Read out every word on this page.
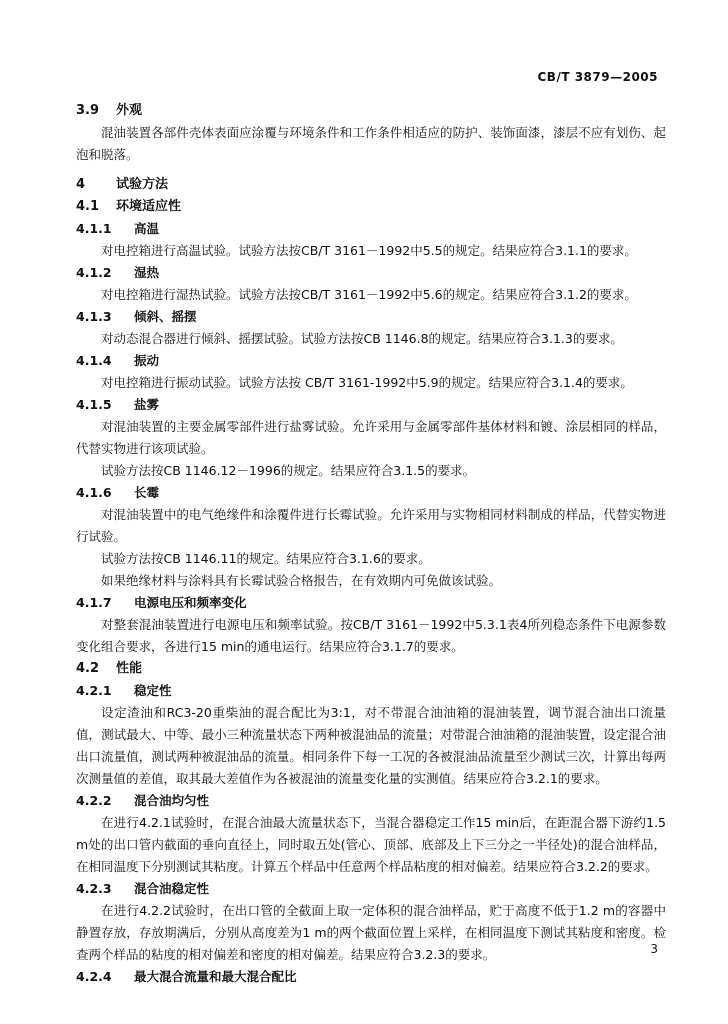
CB/T 3879—2005
3.9 外观

混油装置各部件壳体表面应涂覆与环境条件和工作条件相适应的防护、装饰面漆，漆层不应有划伤、起泡和脱落。

4 试验方法
4.1 环境适应性
4.1.1 高温

对电控箱进行高温试验。试验方法按CB/T 3161－1992中5.5的规定。结果应符合3.1.1的要求。

4.1.2 湿热

对电控箱进行湿热试验。试验方法按CB/T 3161－1992中5.6的规定。结果应符合3.1.2的要求。

4.1.3 倾斜、摇摆

对动态混合器进行倾斜、摇摆试验。试验方法按CB 1146.8的规定。结果应符合3.1.3的要求。

4.1.4 振动

对电控箱进行振动试验。试验方法按 CB/T 3161-1992中5.9的规定。结果应符合3.1.4的要求。

4.1.5 盐雾

对混油装置的主要金属零部件进行盐雾试验。允许采用与金属零部件基体材料和镀、涂层相同的样品，代替实物进行该项试验。

试验方法按CB 1146.12－1996的规定。结果应符合3.1.5的要求。

4.1.6 长霉

对混油装置中的电气绝缘件和涂覆件进行长霉试验。允许采用与实物相同材料制成的样品，代替实物进行试验。

试验方法按CB 1146.11的规定。结果应符合3.1.6的要求。

如果绝缘材料与涂料具有长霉试验合格报告，在有效期内可免做该试验。

4.1.7 电源电压和频率变化

对整套混油装置进行电源电压和频率试验。按CB/T 3161－1992中5.3.1表4所列稳态条件下电源参数变化组合要求，各进行15 min的通电运行。结果应符合3.1.7的要求。

4.2 性能
4.2.1 稳定性

设定渣油和RC3-20重柴油的混合配比为3:1，对不带混合油油箱的混油装置，调节混合油出口流量值，测试最大、中等、最小三种流量状态下两种被混油品的流量；对带混合油油箱的混油装置，设定混合油出口流量值，测试两种被混油品的流量。相同条件下每一工况的各被混油品流量至少测试三次，计算出每两次测量值的差值，取其最大差值作为各被混油的流量变化量的实测值。结果应符合3.2.1的要求。

4.2.2 混合油均匀性

在进行4.2.1试验时，在混合油最大流量状态下，当混合器稳定工作15 min后，在距混合器下游约1.5 m处的出口管内截面的垂向直径上，同时取五处(管心、顶部、底部及上下三分之一半径处)的混合油样品，在相同温度下分别测试其粘度。计算五个样品中任意两个样品粘度的相对偏差。结果应符合3.2.2的要求。

4.2.3 混合油稳定性

在进行4.2.2试验时，在出口管的全截面上取一定体积的混合油样品，贮于高度不低于1.2 m的容器中静置存放，存放期满后，分别从高度差为1 m的两个截面位置上采样，在相同温度下测试其粘度和密度。检查两个样品的粘度的相对偏差和密度的相对偏差。结果应符合3.2.3的要求。

4.2.4 最大混合流量和最大混合配比
3
